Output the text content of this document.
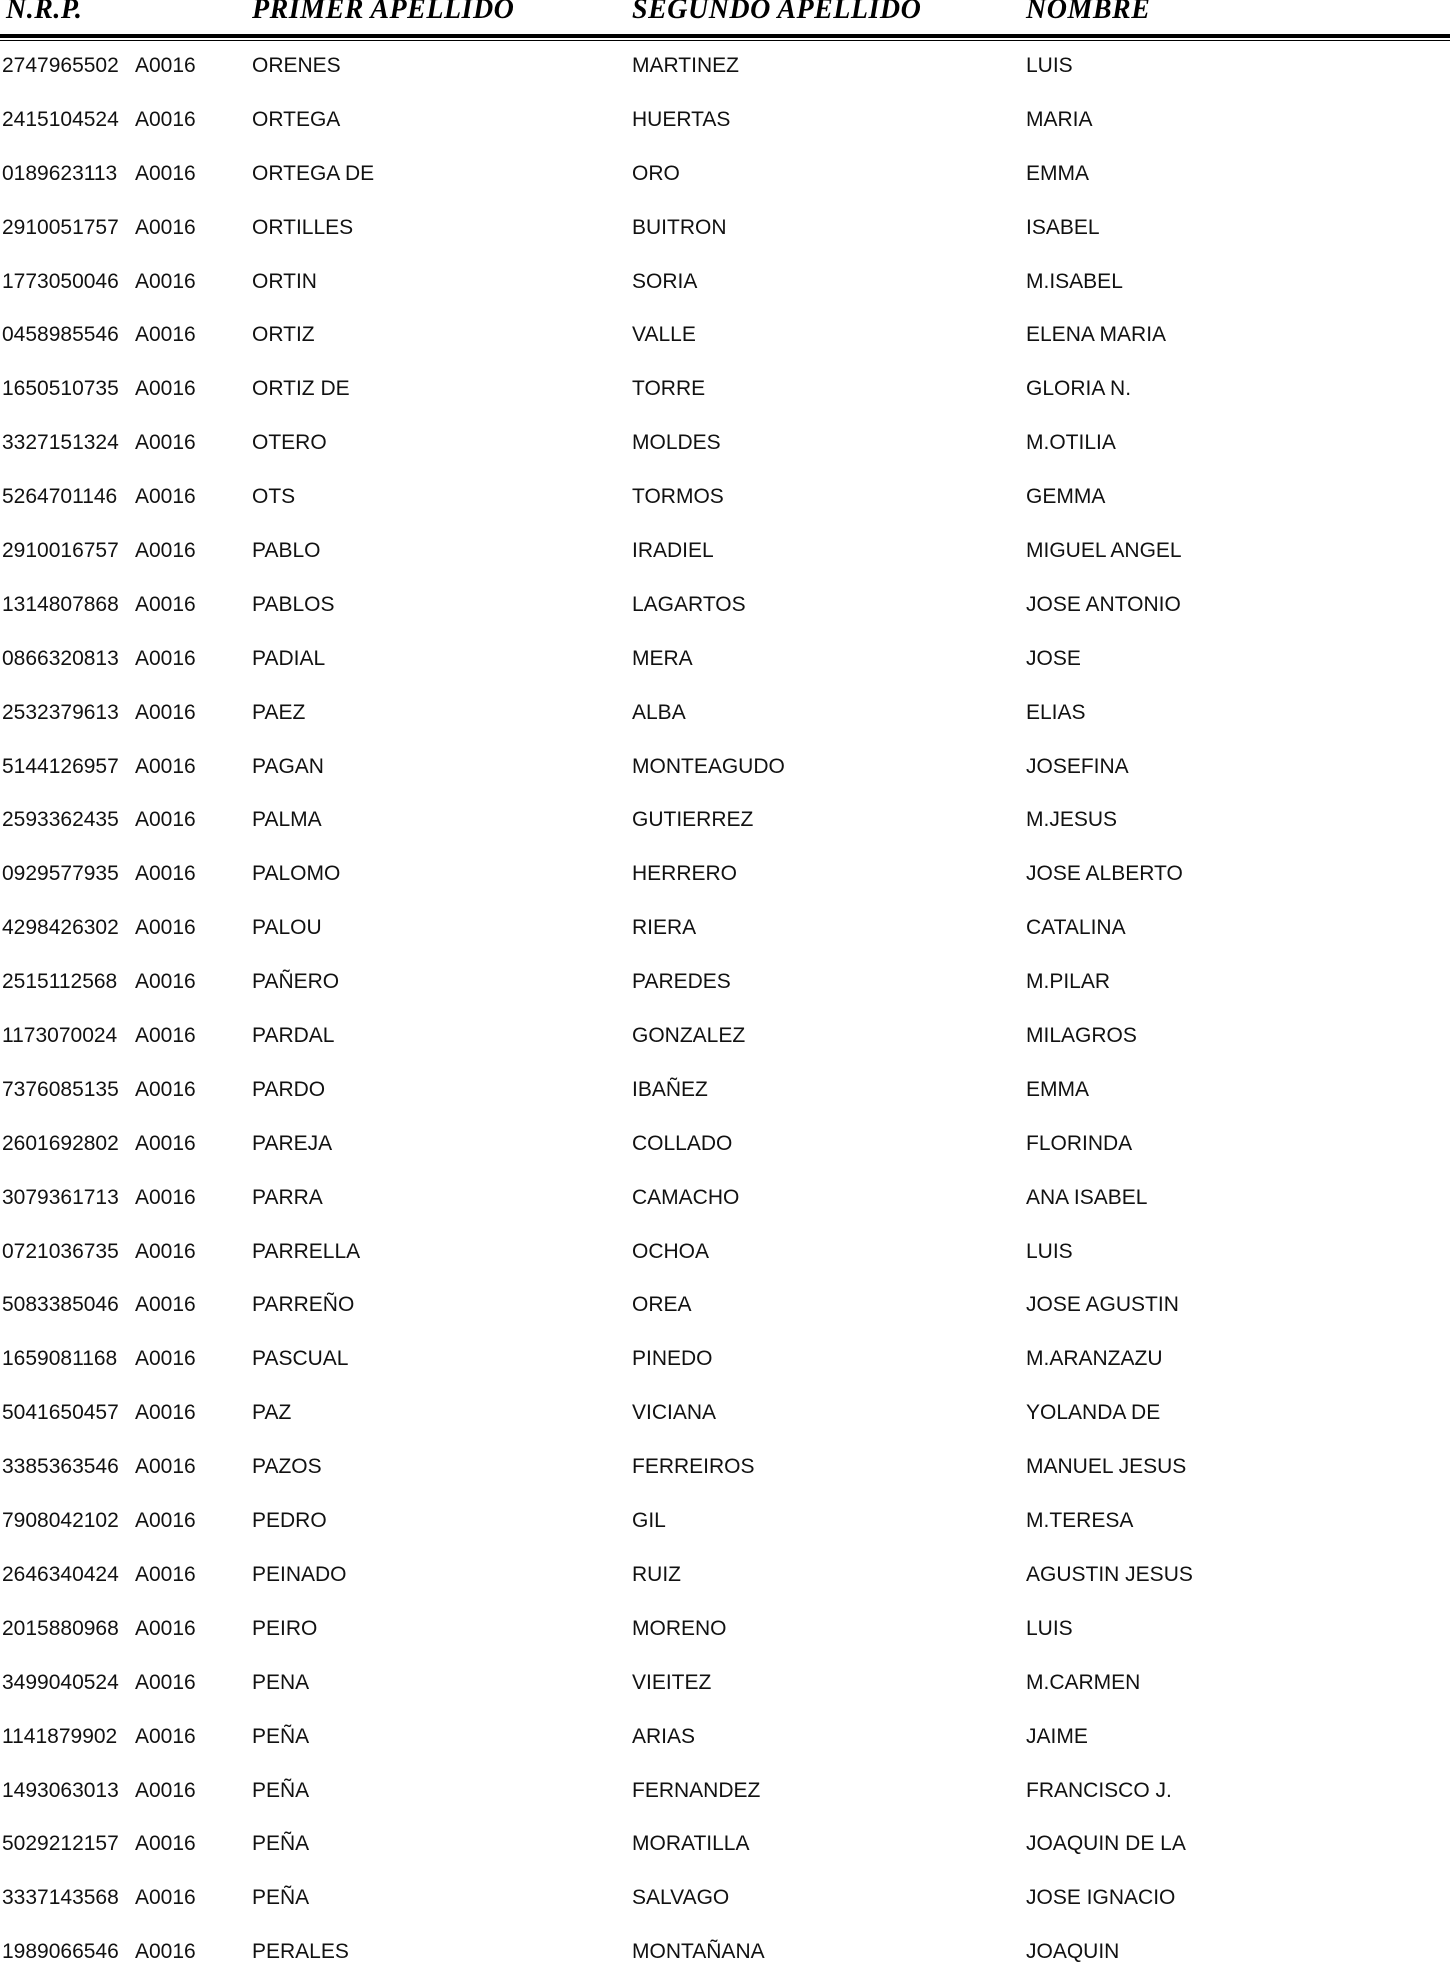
N.R.P.	PRIMER APELLIDO	SEGUNDO APELLIDO	NOMBRE
2747965502 A0016	ORENES	MARTINEZ	LUIS
2415104524 A0016	ORTEGA	HUERTAS	MARIA
0189623113 A0016	ORTEGA DE	ORO	EMMA
2910051757 A0016	ORTILLES	BUITRON	ISABEL
1773050046 A0016	ORTIN	SORIA	M.ISABEL
0458985546 A0016	ORTIZ	VALLE	ELENA MARIA
1650510735 A0016	ORTIZ DE	TORRE	GLORIA N.
3327151324 A0016	OTERO	MOLDES	M.OTILIA
5264701146 A0016	OTS	TORMOS	GEMMA
2910016757 A0016	PABLO	IRADIEL	MIGUEL ANGEL
1314807868 A0016	PABLOS	LAGARTOS	JOSE ANTONIO
0866320813 A0016	PADIAL	MERA	JOSE
2532379613 A0016	PAEZ	ALBA	ELIAS
5144126957 A0016	PAGAN	MONTEAGUDO	JOSEFINA
2593362435 A0016	PALMA	GUTIERREZ	M.JESUS
0929577935 A0016	PALOMO	HERRERO	JOSE ALBERTO
4298426302 A0016	PALOU	RIERA	CATALINA
2515112568 A0016	PAÑERO	PAREDES	M.PILAR
1173070024 A0016	PARDAL	GONZALEZ	MILAGROS
7376085135 A0016	PARDO	IBAÑEZ	EMMA
2601692802 A0016	PAREJA	COLLADO	FLORINDA
3079361713 A0016	PARRA	CAMACHO	ANA ISABEL
0721036735 A0016	PARRELLA	OCHOA	LUIS
5083385046 A0016	PARREÑO	OREA	JOSE AGUSTIN
1659081168 A0016	PASCUAL	PINEDO	M.ARANZAZU
5041650457 A0016	PAZ	VICIANA	YOLANDA DE
3385363546 A0016	PAZOS	FERREIROS	MANUEL JESUS
7908042102 A0016	PEDRO	GIL	M.TERESA
2646340424 A0016	PEINADO	RUIZ	AGUSTIN JESUS
2015880968 A0016	PEIRO	MORENO	LUIS
3499040524 A0016	PENA	VIEITEZ	M.CARMEN
1141879902 A0016	PEÑA	ARIAS	JAIME
1493063013 A0016	PEÑA	FERNANDEZ	FRANCISCO J.
5029212157 A0016	PEÑA	MORATILLA	JOAQUIN DE LA
3337143568 A0016	PEÑA	SALVAGO	JOSE IGNACIO
1989066546 A0016	PERALES	MONTAÑANA	JOAQUIN
